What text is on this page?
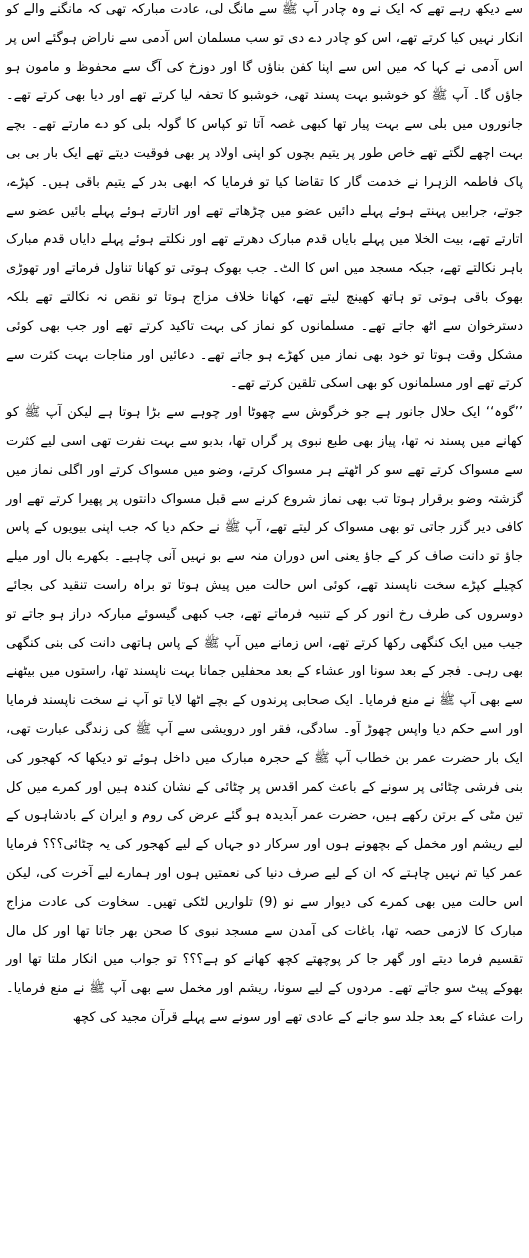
سے دیکھ رہے تھے کہ ایک نے وہ چادر آپ ﷺ سے مانگ لی، عادت مبارکہ تھی کہ مانگنے والے کو انکار نہیں کیا کرتے تھے، اس کو چادر دے دی تو سب مسلمان اس آدمی سے ناراض ہوگئے اس پر اس آدمی نے کہا کہ میں اس سے اپنا کفن بناؤں گا اور دوزخ کی آگ سے محفوظ و مامون ہو جاؤں گا۔ آپ ﷺ کو خوشبو بہت پسند تھی، خوشبو کا تحفہ لیا کرتے تھے اور دیا بھی کرتے تھے۔ جانوروں میں بلی سے بہت پیار تھا کبھی غصہ آتا تو کپاس کا گولہ بلی کو دے مارتے تھے۔ بچے بہت اچھے لگتے تھے خاص طور پر یتیم بچوں کو اپنی اولاد پر بھی فوقیت دیتے تھے ایک بار بی بی پاک فاطمہ الزہرا نے خدمت گار کا تقاضا کیا تو فرمایا کہ ابھی بدر کے یتیم باقی ہیں۔ کپڑے، جوتے، جرابیں پہنتے ہوئے پہلے دائیں عضو میں چڑھاتے تھے اور اتارتے ہوئے پہلے بائیں عضو سے اتارتے تھے، بیت الخلا میں پہلے بایاں قدم مبارک دھرتے تھے اور نکلتے ہوئے پہلے دایاں قدم مبارک باہر نکالتے تھے، جبکہ مسجد میں اس کا الٹ۔ جب بھوک ہوتی تو کھانا تناول فرماتے اور تھوڑی بھوک باقی ہوتی تو ہاتھ کھینچ لیتے تھے، کھانا خلاف مزاج ہوتا تو نقص نہ نکالتے تھے بلکہ دسترخوان سے اٹھ جاتے تھے۔ مسلمانوں کو نماز کی بہت تاکید کرتے تھے اور جب بھی کوئی مشکل وقت ہوتا تو خود بھی نماز میں کھڑے ہو جاتے تھے۔ دعائیں اور مناجات بہت کثرت سے کرتے تھے اور مسلمانوں کو بھی اسکی تلقین کرتے تھے۔

’’گوہ‘‘ ایک حلال جانور ہے جو خرگوش سے چھوٹا اور چوہے سے بڑا ہوتا ہے لیکن آپ ﷺ کو کھانے میں پسند نہ تھا، پیاز بھی طبع نبوی پر گراں تھا، بدبو سے بہت نفرت تھی اسی لیے کثرت سے مسواک کرتے تھے سو کر اٹھتے ہر مسواک کرتے، وضو میں مسواک کرتے اور اگلی نماز میں گزشتہ وضو برقرار ہوتا تب بھی نماز شروع کرنے سے قبل مسواک دانتوں پر پھیرا کرتے تھے اور کافی دیر گزر جاتی تو بھی مسواک کر لیتے تھے، آپ ﷺ نے حکم دیا کہ جب اپنی بیویوں کے پاس جاؤ تو دانت صاف کر کے جاؤ یعنی اس دوران منہ سے بو نہیں آنی چاہیے۔ بکھرے بال اور میلے کچیلے کپڑے سخت ناپسند تھے، کوئی اس حالت میں پیش ہوتا تو براہ راست تنقید کی بجائے دوسروں کی طرف رخ انور کر کے تنبیہ فرماتے تھے، جب کبھی گیسوئے مبارکہ دراز ہو جاتے تو جیب میں ایک کنگھی رکھا کرتے تھے، اس زمانے میں آپ ﷺ کے پاس ہاتھی دانت کی بنی کنگھی بھی رہی۔ فجر کے بعد سونا اور عشاء کے بعد محفلیں جمانا بہت ناپسند تھا، راستوں میں بیٹھنے سے بھی آپ ﷺ نے منع فرمایا۔ ایک صحابی پرندوں کے بچے اٹھا لایا تو آپ نے سخت ناپسند فرمایا اور اسے حکم دیا واپس چھوڑ آو۔ سادگی، فقر اور درویشی سے آپ ﷺ کی زندگی عبارت تھی، ایک بار حضرت عمر بن خطاب آپ ﷺ کے حجرہ مبارک میں داخل ہوئے تو دیکھا کہ کھجور کی بنی فرشی چٹائی پر سونے کے باعث کمر اقدس پر چٹائی کے نشان کندہ ہیں اور کمرے میں کل تین مٹی کے برتن رکھے ہیں، حضرت عمر آبدیدہ ہو گئے عرض کی روم و ایران کے بادشاہوں کے لیے ریشم اور مخمل کے بچھونے ہوں اور سرکار دو جہاں کے لیے کھجور کی یہ چٹائی؟؟؟ فرمایا عمر کیا تم نہیں چاہتے کہ ان کے لیے صرف دنیا کی نعمتیں ہوں اور ہمارے لیے آخرت کی، لیکن اس حالت میں بھی کمرے کی دیوار سے نو (9) تلواریں لٹکی تھیں۔ سخاوت کی عادت مزاج مبارک کا لازمی حصہ تھا، باغات کی آمدن سے مسجد نبوی کا صحن بھر جاتا تھا اور کل مال تقسیم فرما دیتے اور گھر جا کر پوچھتے کچھ کھانے کو ہے؟؟؟ تو جواب میں انکار ملتا تھا اور بھوکے پیٹ سو جاتے تھے۔ مردوں کے لیے سونا، ریشم اور مخمل سے بھی آپ ﷺ نے منع فرمایا۔ رات عشاء کے بعد جلد سو جانے کے عادی تھے اور سونے سے پہلے قرآن مجید کی کچھ
